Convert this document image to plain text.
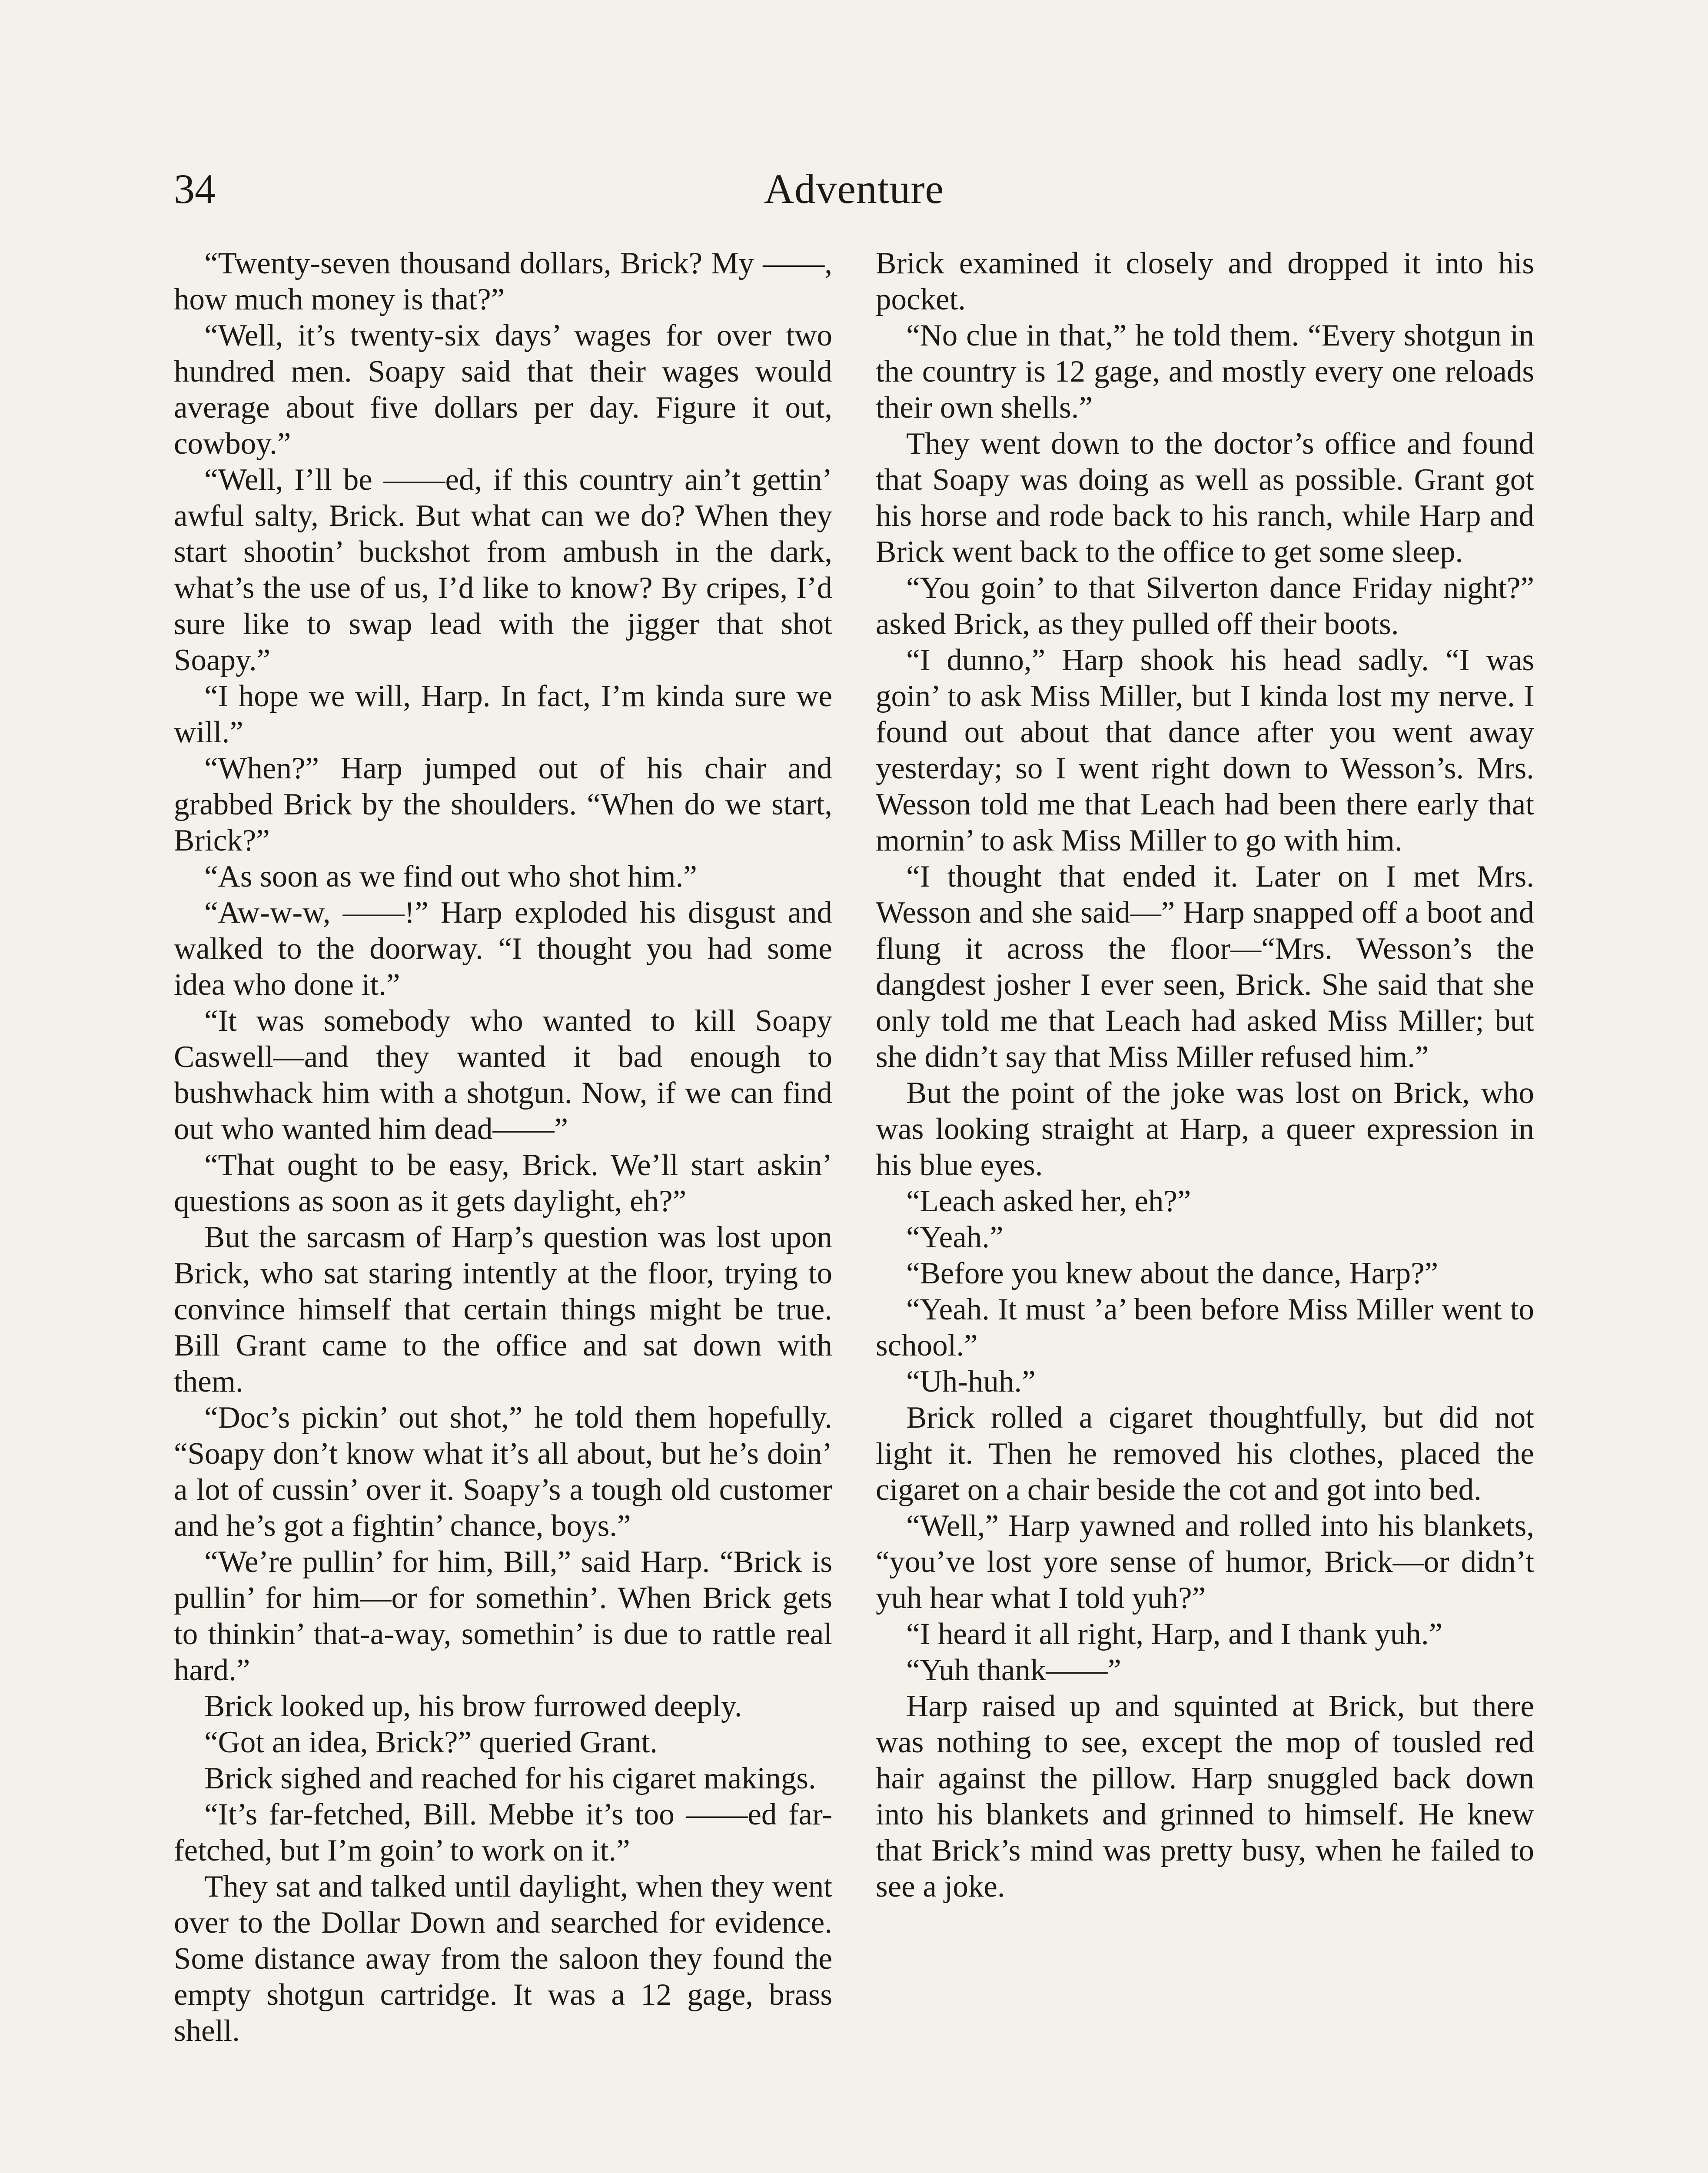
34	Adventure

“Twenty-seven thousand dollars, Brick? My ——, how much money is that?”

“Well, it’s twenty-six days’ wages for over two hundred men. Soapy said that their wages would average about five dollars per day. Figure it out, cowboy.”

“Well, I’ll be ——ed, if this country ain’t gettin’ awful salty, Brick. But what can we do? When they start shootin’ buckshot from ambush in the dark, what’s the use of us, I’d like to know? By cripes, I’d sure like to swap lead with the jigger that shot Soapy.”

“I hope we will, Harp. In fact, I’m kinda sure we will.”

“When?” Harp jumped out of his chair and grabbed Brick by the shoulders. “When do we start, Brick?”

“As soon as we find out who shot him.”

“Aw-w-w, ——!” Harp exploded his disgust and walked to the doorway. “I thought you had some idea who done it.”

“It was somebody who wanted to kill Soapy Caswell—and they wanted it bad enough to bushwhack him with a shotgun. Now, if we can find out who wanted him dead——”

“That ought to be easy, Brick. We’ll start askin’ questions as soon as it gets daylight, eh?”

But the sarcasm of Harp’s question was lost upon Brick, who sat staring intently at the floor, trying to convince himself that certain things might be true. Bill Grant came to the office and sat down with them.

“Doc’s pickin’ out shot,” he told them hopefully. “Soapy don’t know what it’s all about, but he’s doin’ a lot of cussin’ over it. Soapy’s a tough old customer and he’s got a fightin’ chance, boys.”

“We’re pullin’ for him, Bill,” said Harp. “Brick is pullin’ for him—or for somethin’. When Brick gets to thinkin’ that-a-way, somethin’ is due to rattle real hard.”

Brick looked up, his brow furrowed deeply.

“Got an idea, Brick?” queried Grant.

Brick sighed and reached for his cigaret makings.

“It’s far-fetched, Bill. Mebbe it’s too ——ed far-fetched, but I’m goin’ to work on it.”

They sat and talked until daylight, when they went over to the Dollar Down and searched for evidence. Some distance away from the saloon they found the empty shotgun cartridge. It was a 12 gage, brass shell.

Brick examined it closely and dropped it into his pocket.

“No clue in that,” he told them. “Every shotgun in the country is 12 gage, and mostly every one reloads their own shells.”

They went down to the doctor’s office and found that Soapy was doing as well as possible. Grant got his horse and rode back to his ranch, while Harp and Brick went back to the office to get some sleep.

“You goin’ to that Silverton dance Friday night?” asked Brick, as they pulled off their boots.

“I dunno,” Harp shook his head sadly. “I was goin’ to ask Miss Miller, but I kinda lost my nerve. I found out about that dance after you went away yesterday; so I went right down to Wesson’s. Mrs. Wesson told me that Leach had been there early that mornin’ to ask Miss Miller to go with him.

“I thought that ended it. Later on I met Mrs. Wesson and she said—” Harp snapped off a boot and flung it across the floor—“Mrs. Wesson’s the dangdest josher I ever seen, Brick. She said that she only told me that Leach had asked Miss Miller; but she didn’t say that Miss Miller refused him.”

But the point of the joke was lost on Brick, who was looking straight at Harp, a queer expression in his blue eyes.

“Leach asked her, eh?”

“Yeah.”

“Before you knew about the dance, Harp?”

“Yeah. It must ’a’ been before Miss Miller went to school.”

“Uh-huh.”

Brick rolled a cigaret thoughtfully, but did not light it. Then he removed his clothes, placed the cigaret on a chair beside the cot and got into bed.

“Well,” Harp yawned and rolled into his blankets, “you’ve lost yore sense of humor, Brick—or didn’t yuh hear what I told yuh?”

“I heard it all right, Harp, and I thank yuh.”

“Yuh thank——”

Harp raised up and squinted at Brick, but there was nothing to see, except the mop of tousled red hair against the pillow. Harp snuggled back down into his blankets and grinned to himself. He knew that Brick’s mind was pretty busy, when he failed to see a joke.
